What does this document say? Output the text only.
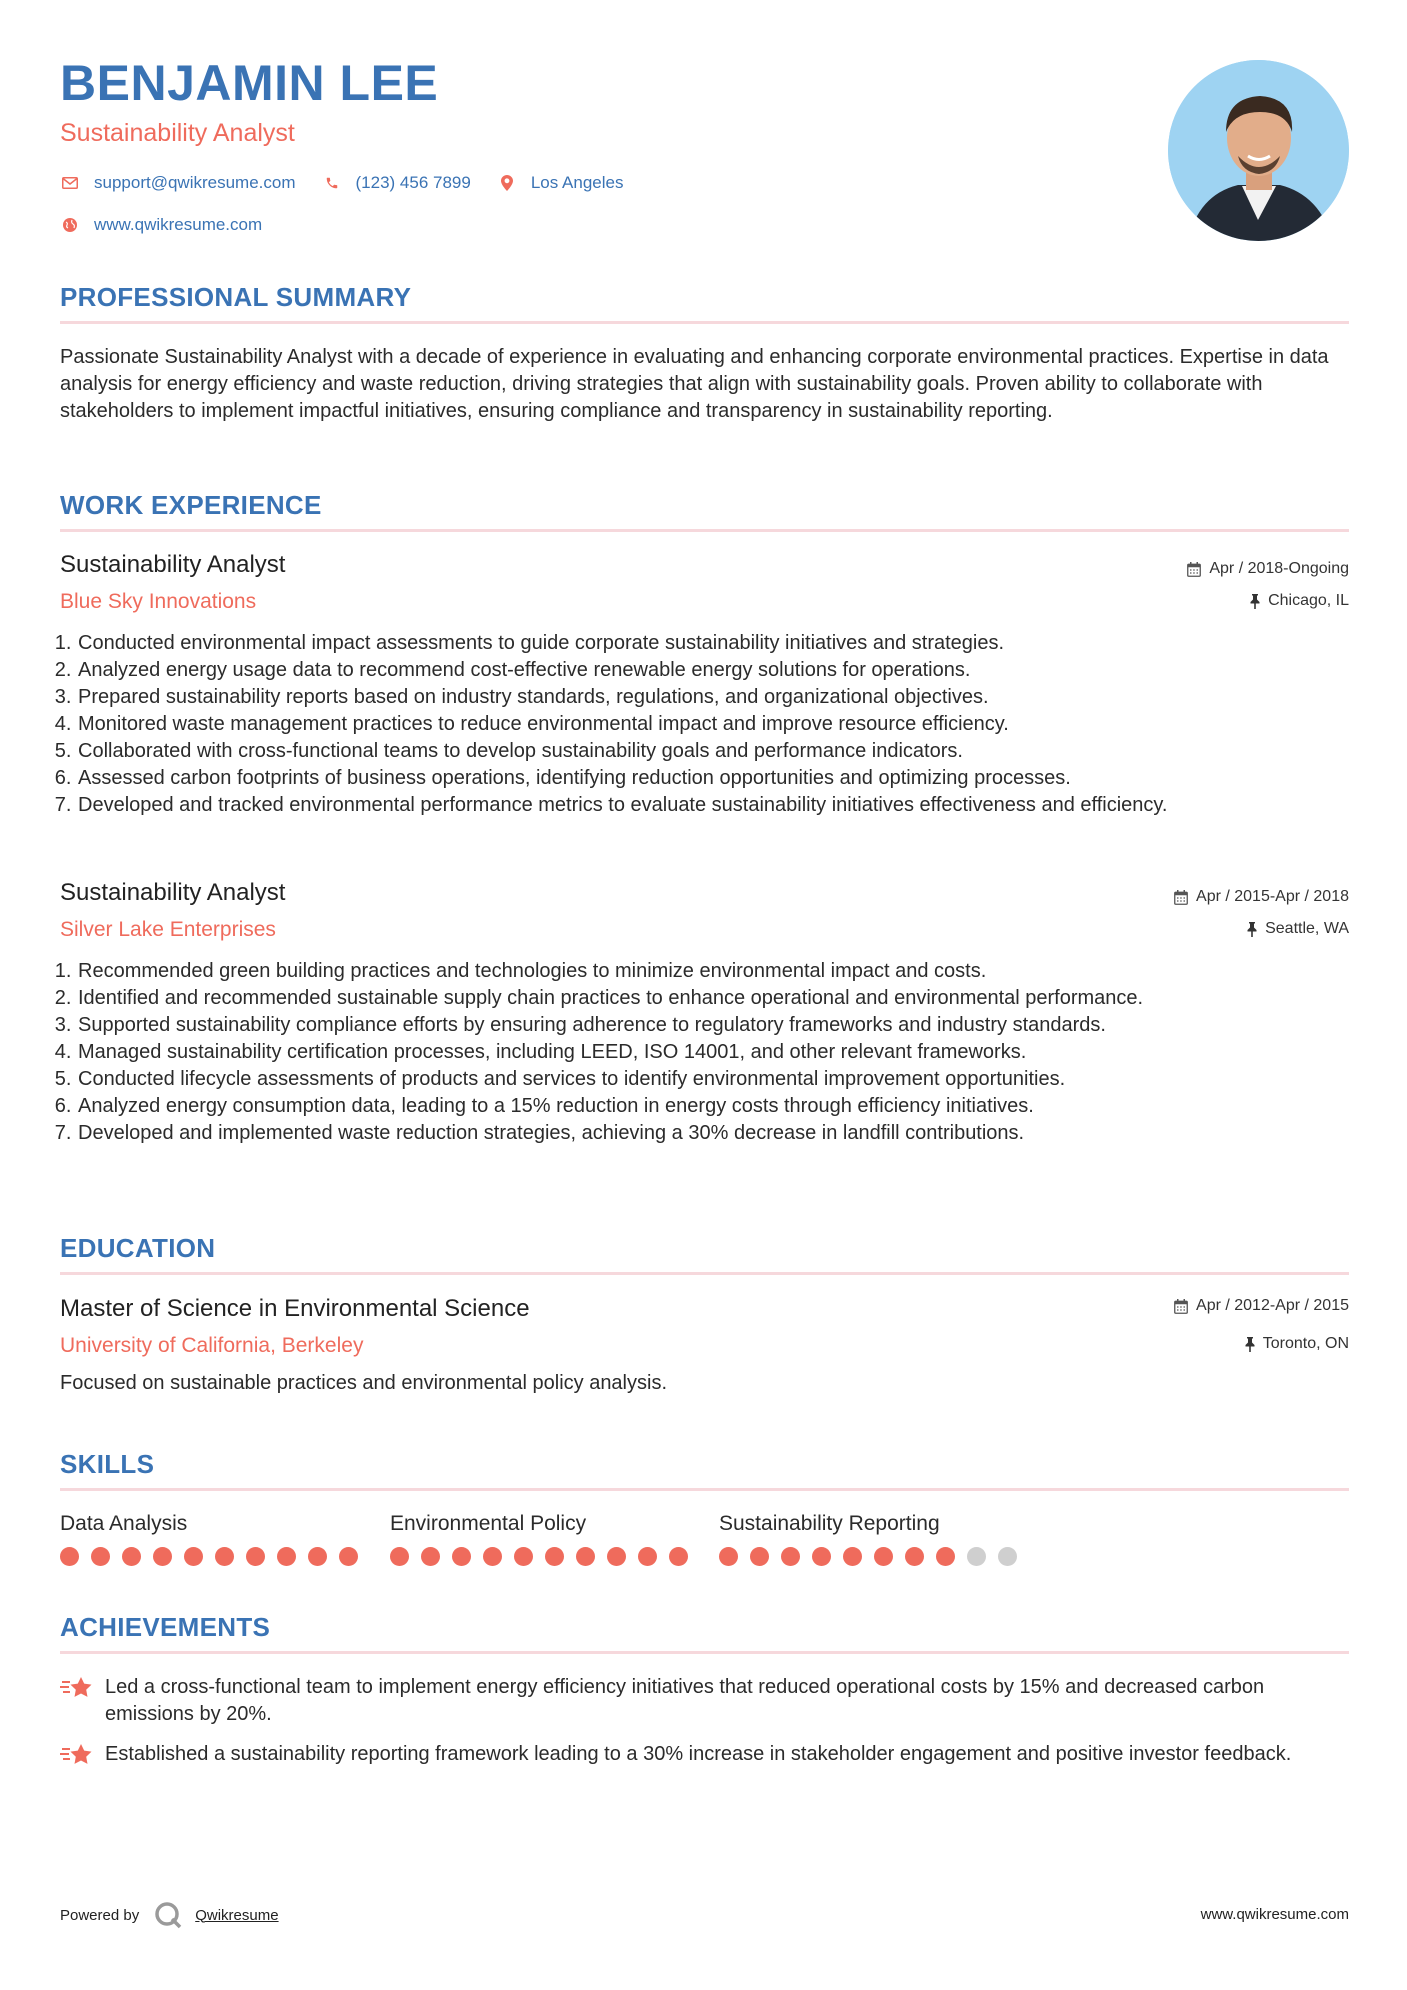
BENJAMIN LEE
Sustainability Analyst
support@qwikresume.com	(123) 456 7899	Los Angeles
www.qwikresume.com
PROFESSIONAL SUMMARY

Passionate Sustainability Analyst with a decade of experience in evaluating and enhancing corporate environmental practices. Expertise in data analysis for energy efficiency and waste reduction, driving strategies that align with sustainability goals. Proven ability to collaborate with stakeholders to implement impactful initiatives, ensuring compliance and transparency in sustainability reporting.

WORK EXPERIENCE
Sustainability Analyst
Blue Sky Innovations
Apr / 2018-Ongoing
Chicago, IL
1. Conducted environmental impact assessments to guide corporate sustainability initiatives and strategies.
2. Analyzed energy usage data to recommend cost-effective renewable energy solutions for operations.
3. Prepared sustainability reports based on industry standards, regulations, and organizational objectives.
4. Monitored waste management practices to reduce environmental impact and improve resource efficiency.
5. Collaborated with cross-functional teams to develop sustainability goals and performance indicators.
6. Assessed carbon footprints of business operations, identifying reduction opportunities and optimizing processes.
7. Developed and tracked environmental performance metrics to evaluate sustainability initiatives effectiveness and efficiency.
Sustainability Analyst
Silver Lake Enterprises
Apr / 2015-Apr / 2018
Seattle, WA
1. Recommended green building practices and technologies to minimize environmental impact and costs.
2. Identified and recommended sustainable supply chain practices to enhance operational and environmental performance.
3. Supported sustainability compliance efforts by ensuring adherence to regulatory frameworks and industry standards.
4. Managed sustainability certification processes, including LEED, ISO 14001, and other relevant frameworks.
5. Conducted lifecycle assessments of products and services to identify environmental improvement opportunities.
6. Analyzed energy consumption data, leading to a 15% reduction in energy costs through efficiency initiatives.
7. Developed and implemented waste reduction strategies, achieving a 30% decrease in landfill contributions.
EDUCATION
Master of Science in Environmental Science
University of California, Berkeley
Apr / 2012-Apr / 2015
Toronto, ON

Focused on sustainable practices and environmental policy analysis.

SKILLS
Data Analysis	Environmental Policy	Sustainability Reporting
ACHIEVEMENTS
Led a cross-functional team to implement energy efficiency initiatives that reduced operational costs by 15% and decreased carbon emissions by 20%.
Established a sustainability reporting framework leading to a 30% increase in stakeholder engagement and positive investor feedback.
Powered by	Qwikresume	www.qwikresume.com
